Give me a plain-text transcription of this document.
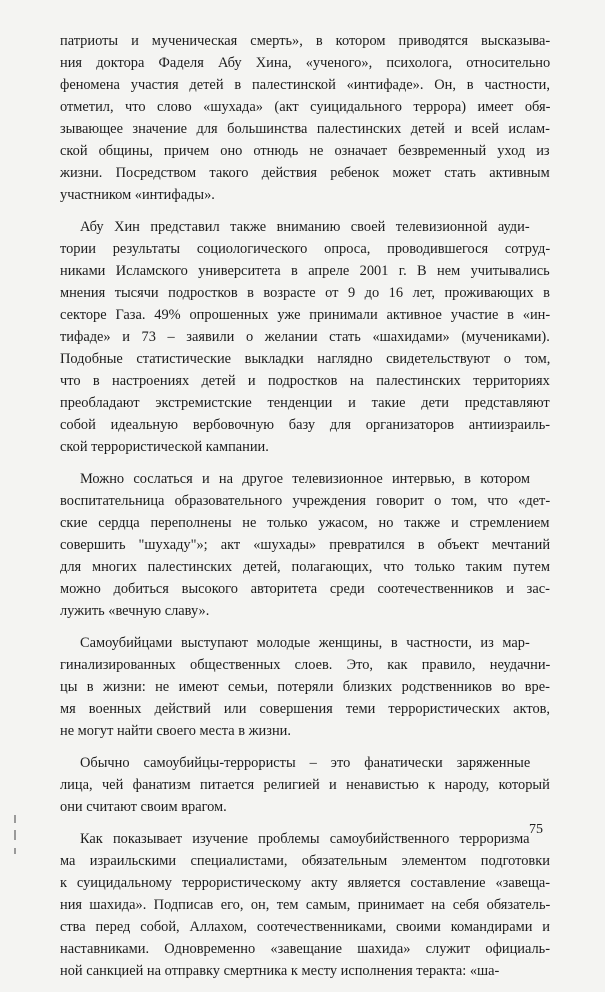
патриоты и мученическая смерть», в котором приводятся высказыва-
ния доктора Фаделя Абу Хина, «ученого», психолога, относительно
феномена участия детей в палестинской «интифаде». Он, в частности,
отметил, что слово «шухада» (акт суицидального террора) имеет обя-
зывающее значение для большинства палестинских детей и всей ислам-
ской общины, причем оно отнюдь не означает безвременный уход из
жизни. Посредством такого действия ребенок может стать активным
участником «интифады».
Абу Хин представил также вниманию своей телевизионной ауди-
тории результаты социологического опроса, проводившегося сотруд-
никами Исламского университета в апреле 2001 г. В нем учитывались
мнения тысячи подростков в возрасте от 9 до 16 лет, проживающих в
секторе Газа. 49% опрошенных уже принимали активное участие в «ин-
тифаде» и 73 – заявили о желании стать «шахидами» (мучениками).
Подобные статистические выкладки наглядно свидетельствуют о том,
что в настроениях детей и подростков на палестинских территориях
преобладают экстремистские тенденции и такие дети представляют
собой идеальную вербовочную базу для организаторов антиизраиль-
ской террористической кампании.
Можно сослаться и на другое телевизионное интервью, в котором
воспитательница образовательного учреждения говорит о том, что «дет-
ские сердца переполнены не только ужасом, но также и стремлением
совершить "шухаду"»; акт «шухады» превратился в объект мечтаний
для многих палестинских детей, полагающих, что только таким путем
можно добиться высокого авторитета среди соотечественников и зас-
лужить «вечную славу».
Самоубийцами выступают молодые женщины, в частности, из мар-
гинализированных общественных слоев. Это, как правило, неудачни-
цы в жизни: не имеют семьи, потеряли близких родственников во вре-
мя военных действий или совершения теми террористических актов,
не могут найти своего места в жизни.
Обычно самоубийцы-террористы – это фанатически заряженные
лица, чей фанатизм питается религией и ненавистью к народу, который
они считают своим врагом.
Как показывает изучение проблемы самоубийственного терроризма
ма израильскими специалистами, обязательным элементом подготовки
к суицидальному террористическому акту является составление «завеща-
ния шахида». Подписав его, он, тем самым, принимает на себя обязатель-
ства перед собой, Аллахом, соотечественниками, своими командирами и
наставниками. Одновременно «завещание шахида» служит официаль-
ной санкцией на отправку смертника к месту исполнения теракта: «ша-
75
